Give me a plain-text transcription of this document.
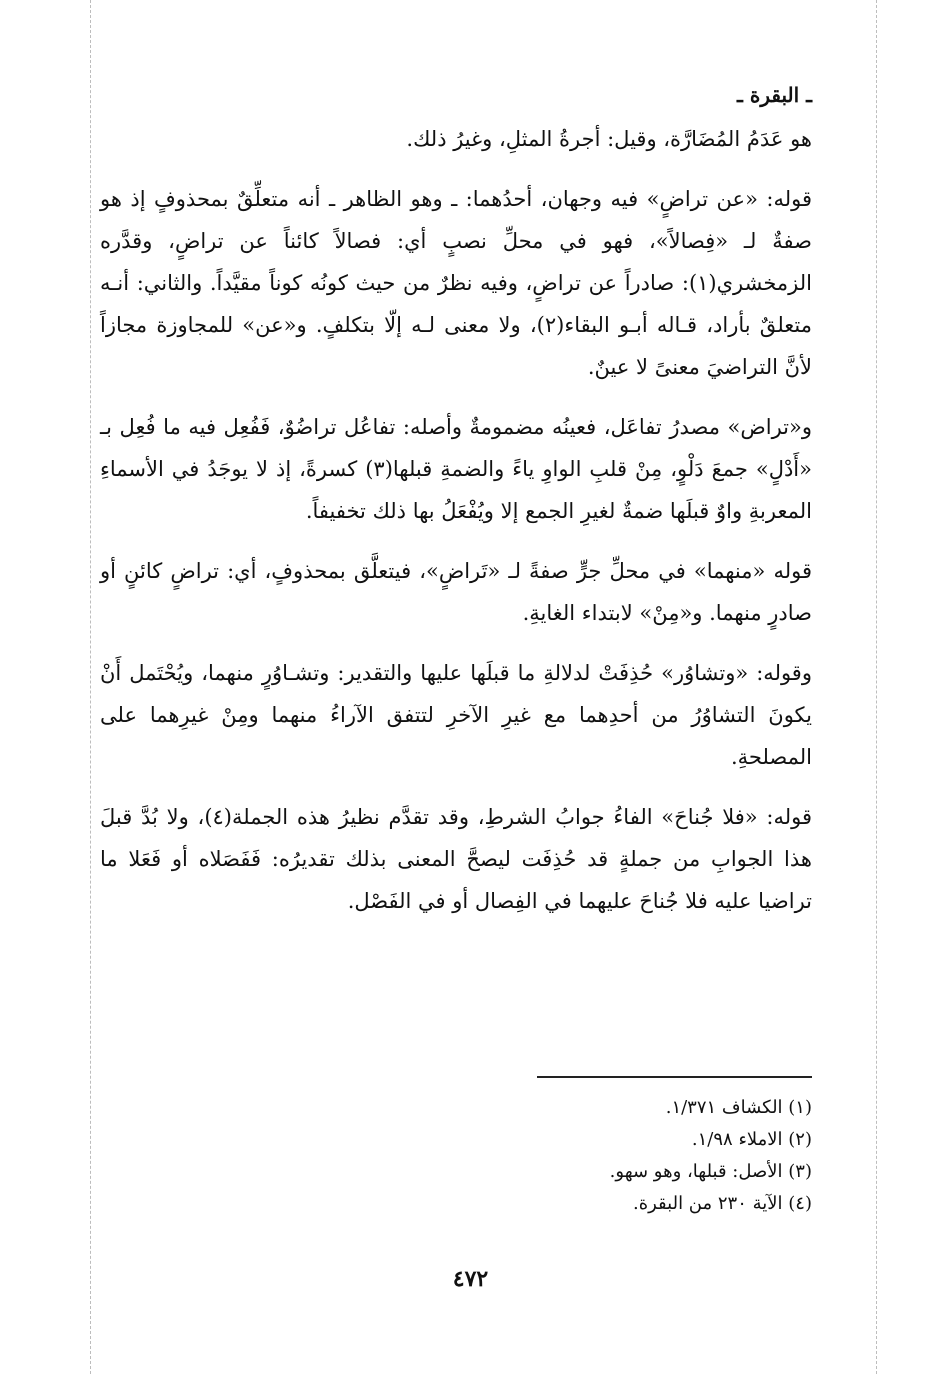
ـ البقرة ـ

هو عَدَمُ المُضَارَّة، وقيل: أجرةُ المثلِ، وغيرُ ذلك.

قوله: «عن تراضٍ» فيه وجهان، أحدُهما: ـ وهو الظاهر ـ أنه متعلِّقٌ بمحذوفٍ إذ هو صفةٌ لـ «فِصالاً»، فهو في محلِّ نصبٍ أي: فصالاً كائناً عن تراضٍ، وقدَّره الزمخشري(١): صادراً عن تراضٍ، وفيه نظرٌ من حيث كونُه كوناً مقيَّداً. والثاني: أنـه متعلقٌ بأراد، قـاله أبـو البقاء(٢)، ولا معنى لـه إلّا بتكلفٍ. و«عن» للمجاوزة مجازاً لأنَّ التراضيَ معنىً لا عينٌ.

و«تراض» مصدرُ تفاعَل، فعينُه مضمومةٌ وأصله: تفاعُل تراضُوٌ، فَفُعِل فيه ما فُعِل بـ «أَدْلٍ» جمعَ دَلْوٍ، مِنْ قلبِ الواوِ ياءً والضمةِ قبلها(٣) كسرةً، إذ لا يوجَدُ في الأسماءِ المعربةِ واوٌ قبلَها ضمةٌ لغيرِ الجمع إلا ويُفْعَلُ بها ذلك تخفيفاً.

قوله «منهما» في محلِّ جرٍّ صفةً لـ «تَراضٍ»، فيتعلَّق بمحذوفٍ، أي: تراضٍ كائنٍ أو صادرٍ منهما. و«مِنْ» لابتداء الغايةِ.

وقوله: «وتشاوُر» حُذِفَتْ لدلالةِ ما قبلَها عليها والتقدير: وتشـاوُرٍ منهما، ويُحْتَمل أَنْ يكونَ التشاوُرُ من أحدِهما مع غيرِ الآخرِ لتتفق الآراءُ منهما ومِنْ غيرِهما على المصلحةِ.

قوله: «فلا جُناحَ» الفاءُ جوابُ الشرطِ، وقد تقدَّم نظيرُ هذه الجملة(٤)، ولا بُدَّ قبلَ هذا الجوابِ من جملةٍ قد حُذِفَت ليصحَّ المعنى بذلك تقديرُه: فَفَصَلاه أو فَعَلا ما تراضيا عليه فلا جُناحَ عليهما في الفِصال أو في الفَصْل.

(١) الكشاف ١/٣٧١.

(٢) الاملاء ١/٩٨.

(٣) الأصل: قبلها، وهو سهو.

(٤) الآية ٢٣٠ من البقرة.

٤٧٢
